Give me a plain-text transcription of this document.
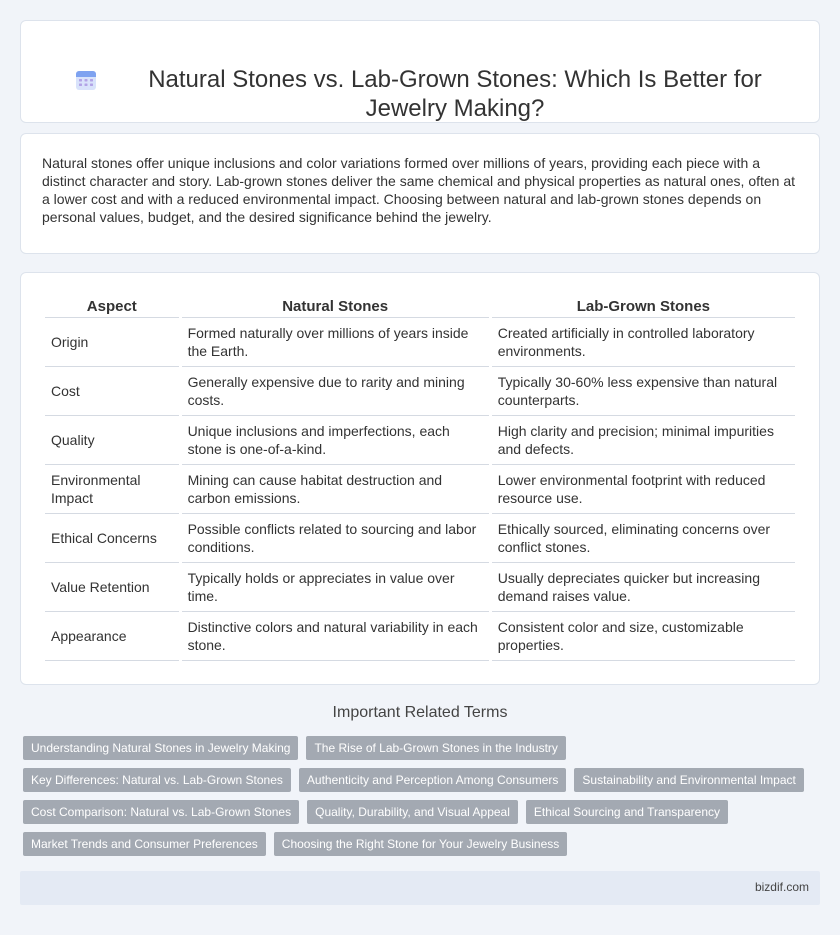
Natural Stones vs. Lab-Grown Stones: Which Is Better for Jewelry Making?

Natural stones offer unique inclusions and color variations formed over millions of years, providing each piece with a distinct character and story. Lab-grown stones deliver the same chemical and physical properties as natural ones, often at a lower cost and with a reduced environmental impact. Choosing between natural and lab-grown stones depends on personal values, budget, and the desired significance behind the jewelry.

Aspect	Natural Stones	Lab-Grown Stones
Origin	Formed naturally over millions of years inside the Earth.	Created artificially in controlled laboratory environments.
Cost	Generally expensive due to rarity and mining costs.	Typically 30-60% less expensive than natural counterparts.
Quality	Unique inclusions and imperfections, each stone is one-of-a-kind.	High clarity and precision; minimal impurities and defects.
Environmental Impact	Mining can cause habitat destruction and carbon emissions.	Lower environmental footprint with reduced resource use.
Ethical Concerns	Possible conflicts related to sourcing and labor conditions.	Ethically sourced, eliminating concerns over conflict stones.
Value Retention	Typically holds or appreciates in value over time.	Usually depreciates quicker but increasing demand raises value.
Appearance	Distinctive colors and natural variability in each stone.	Consistent color and size, customizable properties.
Important Related Terms
Understanding Natural Stones in Jewelry Making	The Rise of Lab-Grown Stones in the Industry
Key Differences: Natural vs. Lab-Grown Stones	Authenticity and Perception Among Consumers	Sustainability and Environmental Impact
Cost Comparison: Natural vs. Lab-Grown Stones	Quality, Durability, and Visual Appeal	Ethical Sourcing and Transparency
Market Trends and Consumer Preferences	Choosing the Right Stone for Your Jewelry Business
bizdif.com
